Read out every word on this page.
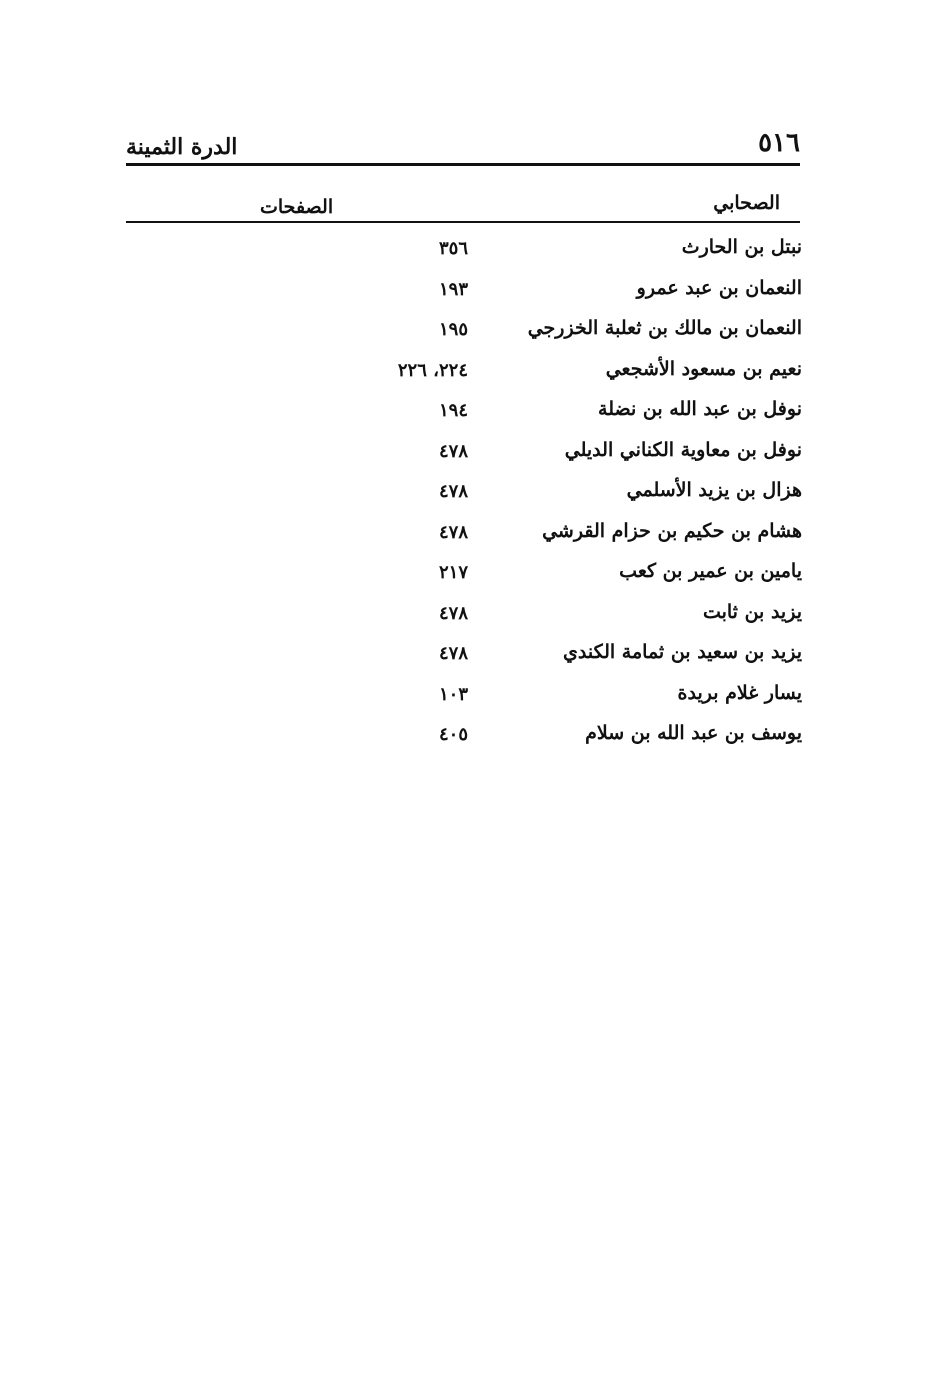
٥١٦
الدرة الثمينة
الصحابي
الصفحات
نبتل بن الحارث
٣٥٦
النعمان بن عبد عمرو
١٩٣
النعمان بن مالك بن ثعلبة الخزرجي
١٩٥
نعيم بن مسعود الأشجعي
٢٢٤، ٢٢٦
نوفل بن عبد الله بن نضلة
١٩٤
نوفل بن معاوية الكناني الديلي
٤٧٨
هزال بن يزيد الأسلمي
٤٧٨
هشام بن حكيم بن حزام القرشي
٤٧٨
يامين بن عمير بن كعب
٢١٧
يزيد بن ثابت
٤٧٨
يزيد بن سعيد بن ثمامة الكندي
٤٧٨
يسار غلام بريدة
١٠٣
يوسف بن عبد الله بن سلام
٤٠٥
